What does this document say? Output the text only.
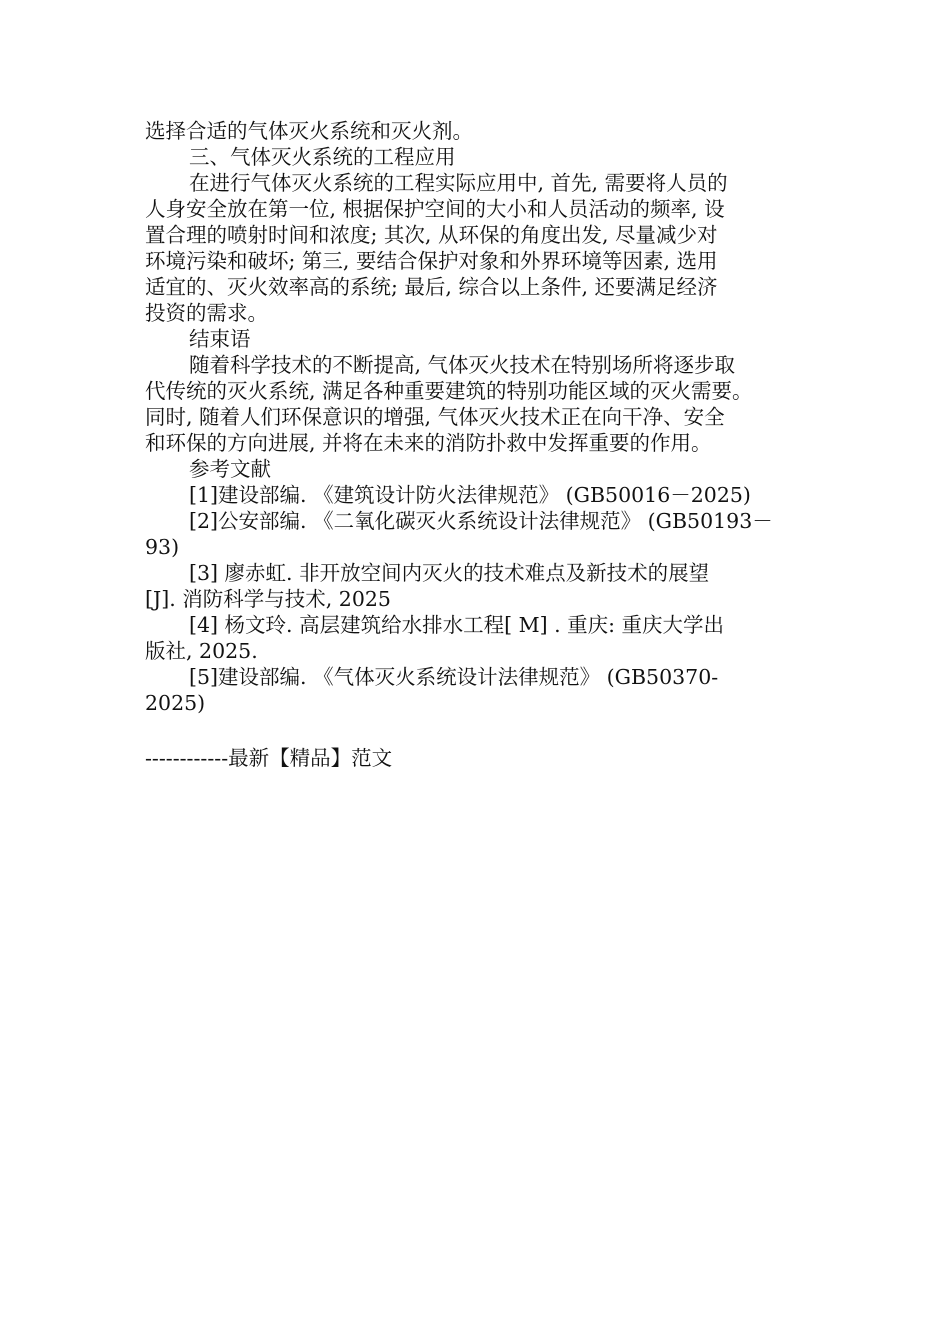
选择合适的气体灭火系统和灭火剂。
三、气体灭火系统的工程应用
在进行气体灭火系统的工程实际应用中, 首先, 需要将人员的
人身安全放在第一位, 根据保护空间的大小和人员活动的频率, 设
置合理的喷射时间和浓度; 其次, 从环保的角度出发, 尽量减少对
环境污染和破坏; 第三, 要结合保护对象和外界环境等因素, 选用
适宜的、灭火效率高的系统; 最后, 综合以上条件, 还要满足经济
投资的需求。
结束语
随着科学技术的不断提高, 气体灭火技术在特别场所将逐步取
代传统的灭火系统, 满足各种重要建筑的特别功能区域的灭火需要。
同时, 随着人们环保意识的增强, 气体灭火技术正在向干净、安全
和环保的方向进展, 并将在未来的消防扑救中发挥重要的作用。
参考文献
[1]建设部编. 《建筑设计防火法律规范》 (GB50016－2025)
[2]公安部编. 《二氧化碳灭火系统设计法律规范》 (GB50193－
93)
[3] 廖赤虹. 非开放空间内灭火的技术难点及新技术的展望
[J]. 消防科学与技术, 2025
[4] 杨文玲. 高层建筑给水排水工程[ M] . 重庆: 重庆大学出
版社, 2025.
[5]建设部编. 《气体灭火系统设计法律规范》 (GB50370-
2025)
------------最新【精品】范文
